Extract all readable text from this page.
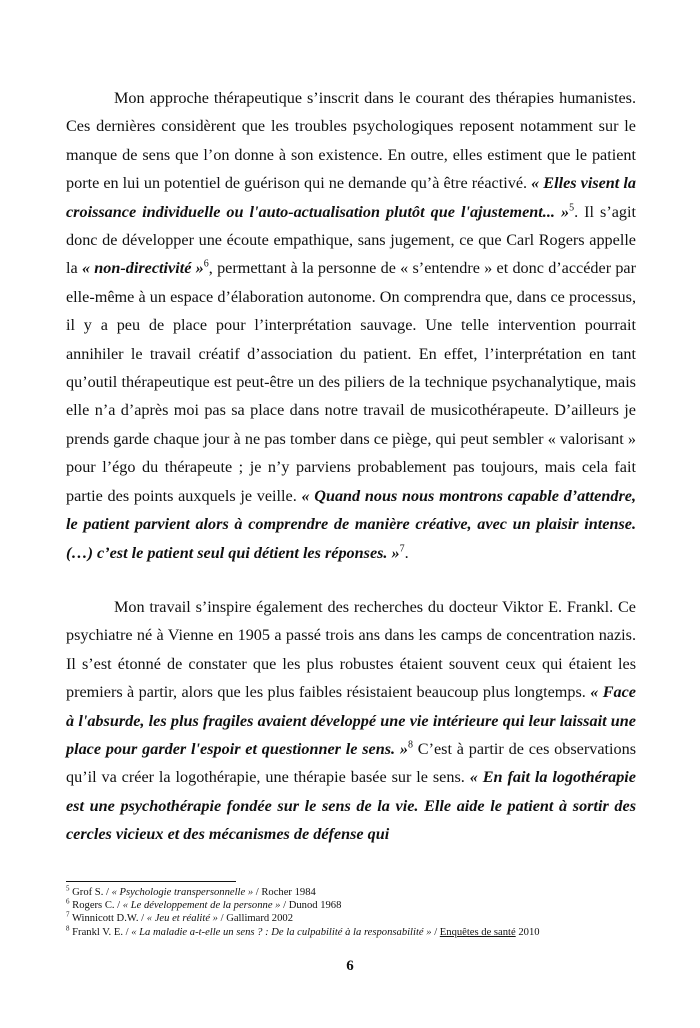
Mon approche thérapeutique s’inscrit dans le courant des thérapies humanistes. Ces dernières considèrent que les troubles psychologiques reposent notamment sur le manque de sens que l’on donne à son existence. En outre, elles estiment que le patient porte en lui un potentiel de guérison qui ne demande qu’à être réactivé. « Elles visent la croissance individuelle ou l'auto-actualisation plutôt que l'ajustement... »$^5$. Il s’agit donc de développer une écoute empathique, sans jugement, ce que Carl Rogers appelle la « non-directivité »$^6$, permettant à la personne de « s’entendre » et donc d’accéder par elle-même à un espace d’élaboration autonome. On comprendra que, dans ce processus, il y a peu de place pour l’interprétation sauvage. Une telle intervention pourrait annihiler le travail créatif d’association du patient. En effet, l’interprétation en tant qu’outil thérapeutique est peut-être un des piliers de la technique psychanalytique, mais elle n’a d’après moi pas sa place dans notre travail de musicothérapeute. D’ailleurs je prends garde chaque jour à ne pas tomber dans ce piège, qui peut sembler « valorisant » pour l’égo du thérapeute ; je n’y parviens probablement pas toujours, mais cela fait partie des points auxquels je veille. « Quand nous nous montrons capable d’attendre, le patient parvient alors à comprendre de manière créative, avec un plaisir intense. (…) c’est le patient seul qui détient les réponses. »$^7$.

Mon travail s’inspire également des recherches du docteur Viktor E. Frankl. Ce psychiatre né à Vienne en 1905 a passé trois ans dans les camps de concentration nazis. Il s’est étonné de constater que les plus robustes étaient souvent ceux qui étaient les premiers à partir, alors que les plus faibles résistaient beaucoup plus longtemps. « Face à l'absurde, les plus fragiles avaient développé une vie intérieure qui leur laissait une place pour garder l'espoir et questionner le sens. »$^8$ C’est à partir de ces observations qu’il va créer la logothérapie, une thérapie basée sur le sens. « En fait la logothérapie est une psychothérapie fondée sur le sens de la vie. Elle aide le patient à sortir des cercles vicieux et des mécanismes de défense qui

$^5$ Grof S. / « Psychologie transpersonnelle » / Rocher 1984

$^6$ Rogers C. / « Le développement de la personne » / Dunod 1968

$^7$ Winnicott D.W. / « Jeu et réalité » / Gallimard 2002

$^8$ Frankl V. E. / « La maladie a-t-elle un sens ? : De la culpabilité à la responsabilité » / Enquêtes de santé 2010

6
